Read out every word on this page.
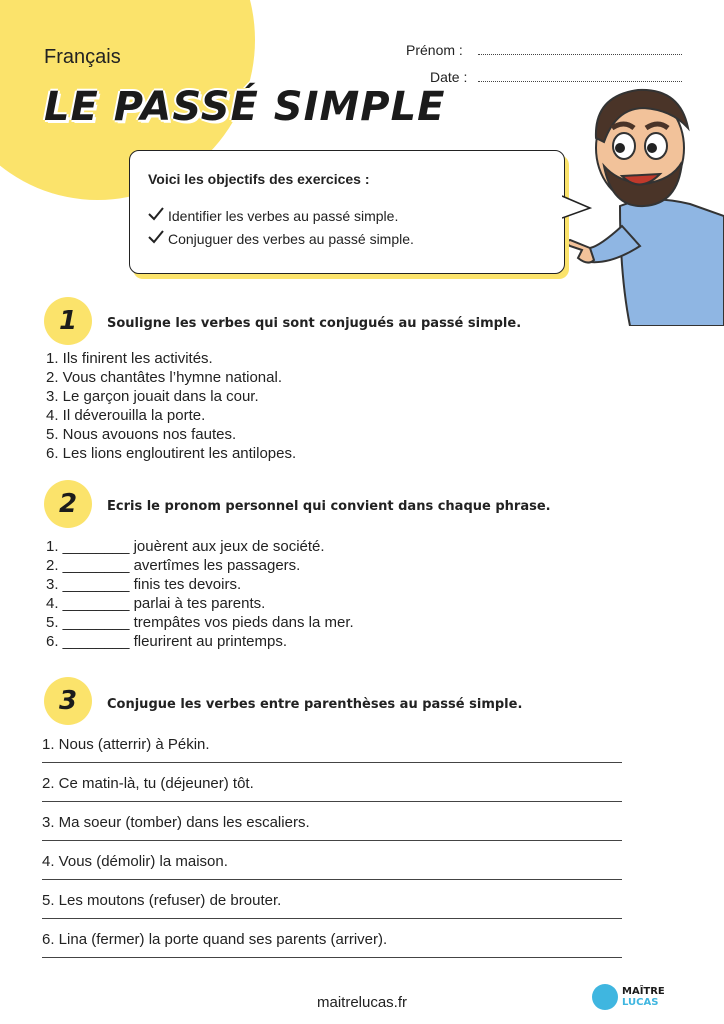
Français
LE PASSÉ SIMPLE
Prénom :
Date :
Voici les objectifs des exercices :
Identifier les verbes au passé simple.
Conjuguer des verbes au passé simple.
1	Souligne les verbes qui sont conjugués au passé simple.
1. Ils finirent les activités.
2. Vous chantâtes l’hymne national.
3. Le garçon jouait dans la cour.
4. Il déverouilla la porte.
5. Nous avouons nos fautes.
6. Les lions engloutirent les antilopes.
2	Ecris le pronom personnel qui convient dans chaque phrase.
1. ________ jouèrent aux jeux de société.
2. ________ avertîmes les passagers.
3. ________ finis tes devoirs.
4. ________ parlai à tes parents.
5. ________ trempâtes vos pieds dans la mer.
6. ________ fleurirent au printemps.
3	Conjugue les verbes entre parenthèses au passé simple.
1. Nous (atterrir) à Pékin.
2. Ce matin-là, tu (déjeuner) tôt.
3. Ma soeur (tomber) dans les escaliers.
4. Vous (démolir) la maison.
5. Les moutons (refuser) de brouter.
6. Lina (fermer) la porte quand ses parents (arriver).
maitrelucas.fr
MAÎTRE
LUCAS
